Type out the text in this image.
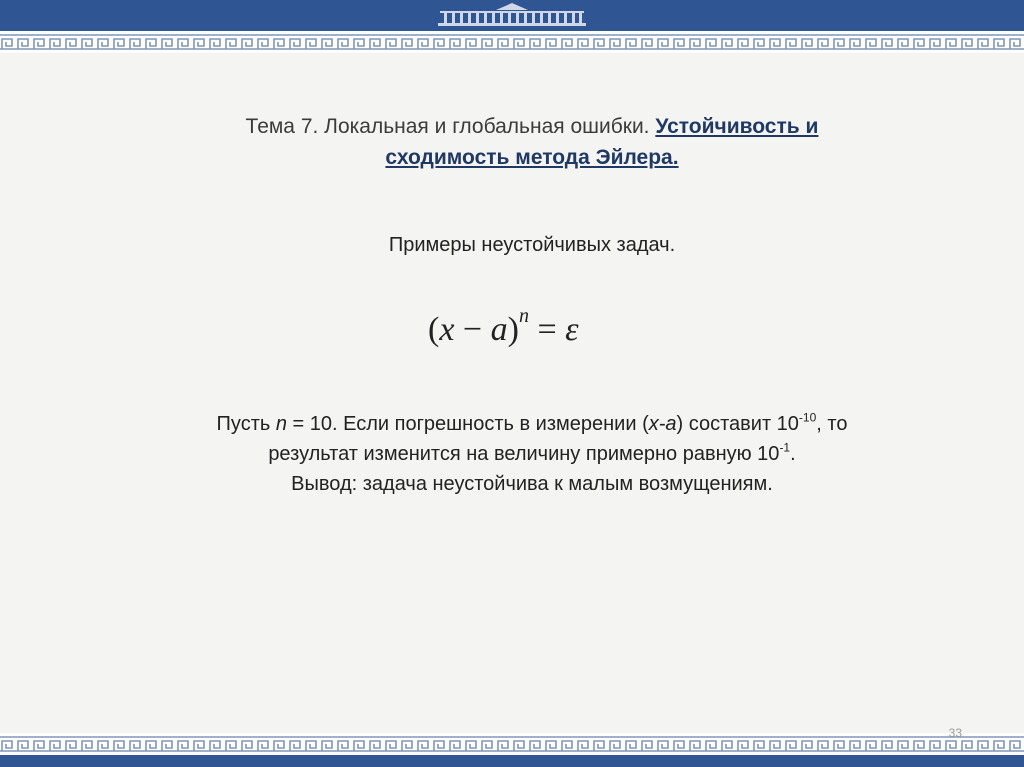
Тема 7. Локальная и глобальная ошибки. Устойчивость и сходимость метода Эйлера.
Примеры неустойчивых задач.
$(x - a)^n = \varepsilon$
Пусть n = 10. Если погрешность в измерении (x-a) составит $10^{-10}$, то
результат изменится на величину примерно равную $10^{-1}$.
Вывод: задача неустойчива к малым возмущениям.
33
